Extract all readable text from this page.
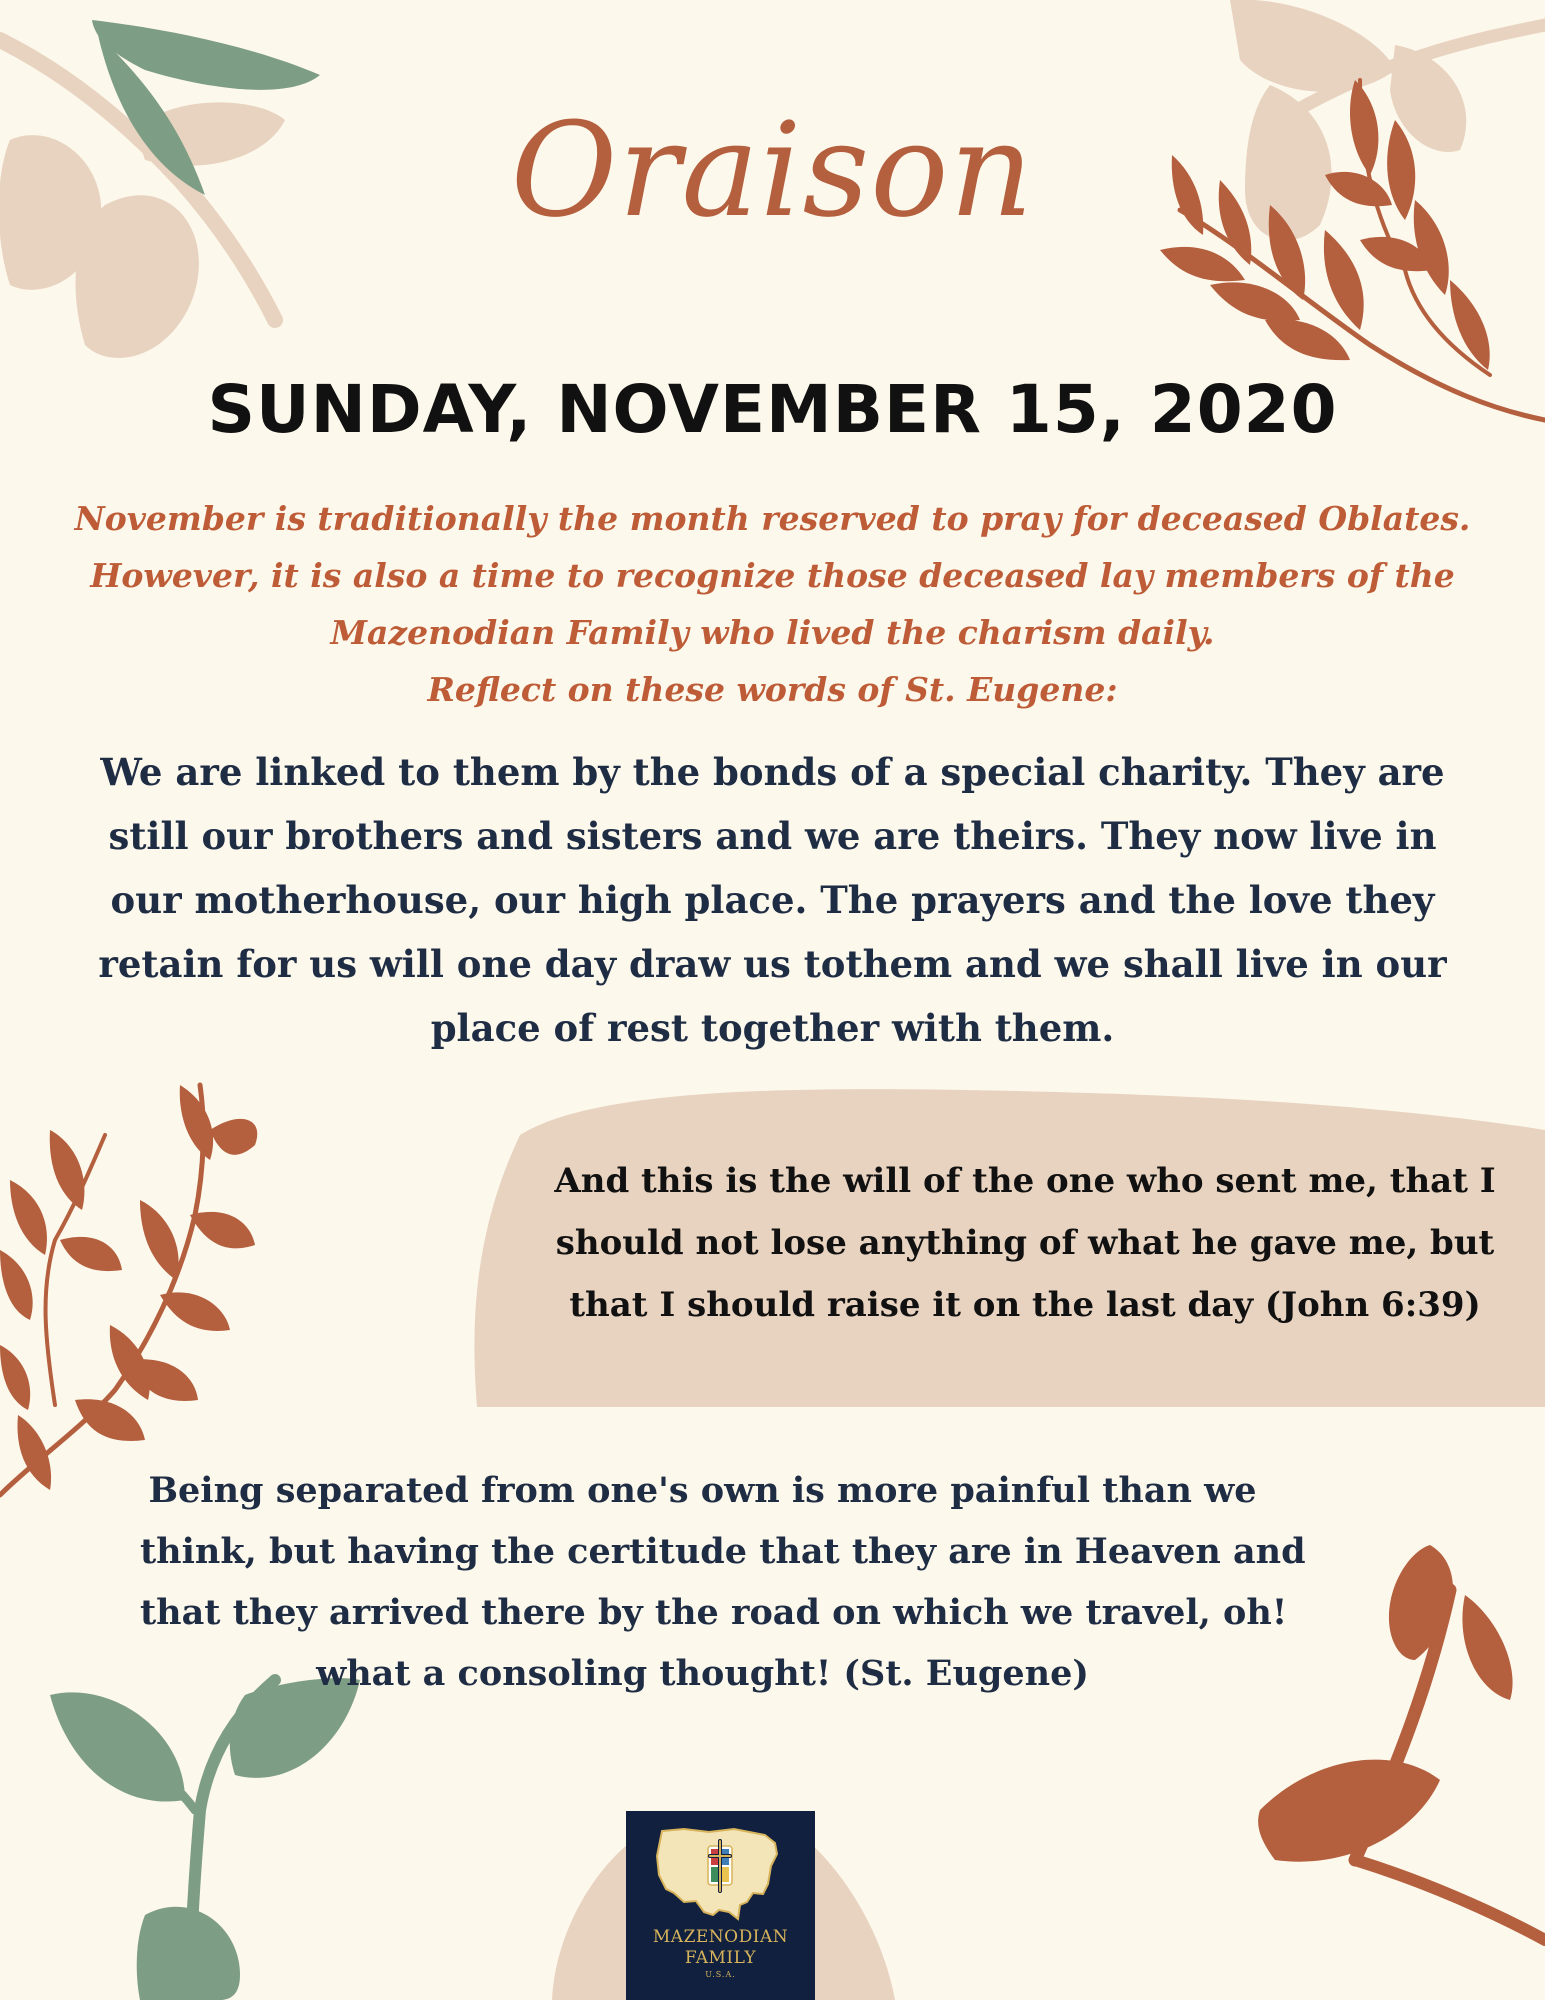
Oraison
SUNDAY, NOVEMBER 15, 2020
November is traditionally the month reserved to pray for deceased Oblates.
However, it is also a time to recognize those deceased lay members of the
Mazenodian Family who lived the charism daily.
Reflect on these words of St. Eugene:
We are linked to them by the bonds of a special charity. They are
still our brothers and sisters and we are theirs. They now live in
our motherhouse, our high place. The prayers and the love they
retain for us will one day draw us tothem and we shall live in our
place of rest together with them.
And this is the will of the one who sent me, that I
should not lose anything of what he gave me, but
that I should raise it on the last day (John 6:39)
Being separated from one's own is more painful than we
think, but having the certitude that they are in Heaven and
that they arrived there by the road on which we travel, oh!
what a consoling thought! (St. Eugene)
MAZENODIAN
FAMILY
U.S.A.
